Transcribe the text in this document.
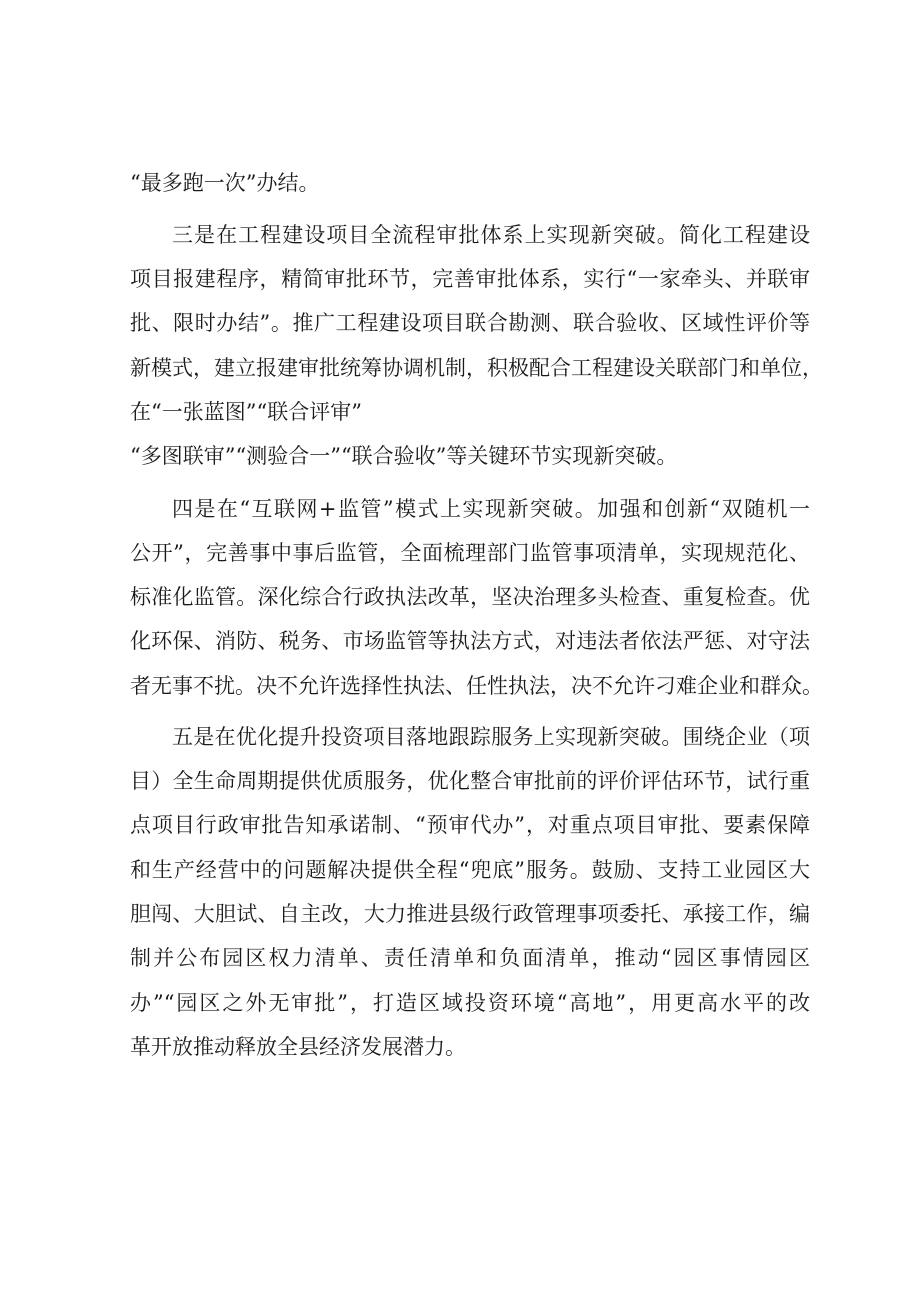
“最多跑一次”办结。
三是在工程建设项目全流程审批体系上实现新突破。简化工程建设
项目报建程序，精简审批环节，完善审批体系，实行“一家牵头、并联审
批、限时办结”。推广工程建设项目联合勘测、联合验收、区域性评价等
新模式，建立报建审批统筹协调机制，积极配合工程建设关联部门和单位，
在“一张蓝图”“联合评审”
“多图联审”“测验合一”“联合验收”等关键环节实现新突破。
四是在“互联网+监管”模式上实现新突破。加强和创新“双随机一
公开”，完善事中事后监管，全面梳理部门监管事项清单，实现规范化、
标准化监管。深化综合行政执法改革，坚决治理多头检查、重复检查。优
化环保、消防、税务、市场监管等执法方式，对违法者依法严惩、对守法
者无事不扰。决不允许选择性执法、任性执法，决不允许刁难企业和群众。
五是在优化提升投资项目落地跟踪服务上实现新突破。围绕企业（项
目）全生命周期提供优质服务，优化整合审批前的评价评估环节，试行重
点项目行政审批告知承诺制、“预审代办”，对重点项目审批、要素保障
和生产经营中的问题解决提供全程“兜底”服务。鼓励、支持工业园区大
胆闯、大胆试、自主改，大力推进县级行政管理事项委托、承接工作，编
制并公布园区权力清单、责任清单和负面清单，推动“园区事情园区
办”“园区之外无审批”，打造区域投资环境“高地”，用更高水平的改
革开放推动释放全县经济发展潜力。
